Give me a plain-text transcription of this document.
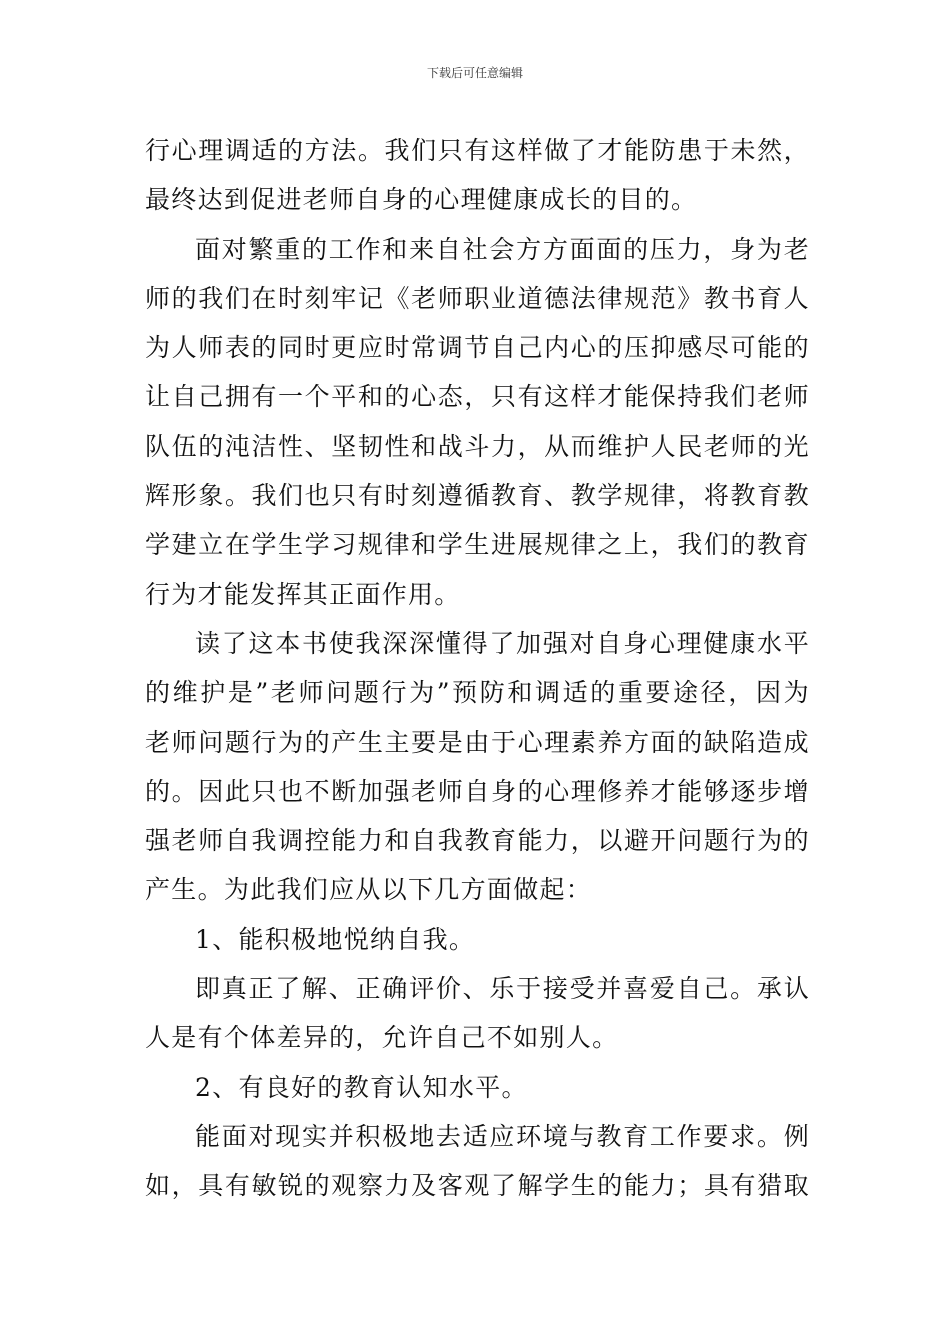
下载后可任意编辑
行心理调适的方法。我们只有这样做了才能防患于未然，
最终达到促进老师自身的心理健康成长的目的。
面对繁重的工作和来自社会方方面面的压力，身为老
师的我们在时刻牢记《老师职业道德法律规范》教书育人
为人师表的同时更应时常调节自己内心的压抑感尽可能的
让自己拥有一个平和的心态，只有这样才能保持我们老师
队伍的沌洁性、坚韧性和战斗力，从而维护人民老师的光
辉形象。我们也只有时刻遵循教育、教学规律，将教育教
学建立在学生学习规律和学生进展规律之上，我们的教育
行为才能发挥其正面作用。
读了这本书使我深深懂得了加强对自身心理健康水平
的维护是”老师问题行为”预防和调适的重要途径，因为
老师问题行为的产生主要是由于心理素养方面的缺陷造成
的。因此只也不断加强老师自身的心理修养才能够逐步增
强老师自我调控能力和自我教育能力，以避开问题行为的
产生。为此我们应从以下几方面做起：
1、能积极地悦纳自我。
即真正了解、正确评价、乐于接受并喜爱自己。承认
人是有个体差异的，允许自己不如别人。
2、有良好的教育认知水平。
能面对现实并积极地去适应环境与教育工作要求。例
如，具有敏锐的观察力及客观了解学生的能力；具有猎取
